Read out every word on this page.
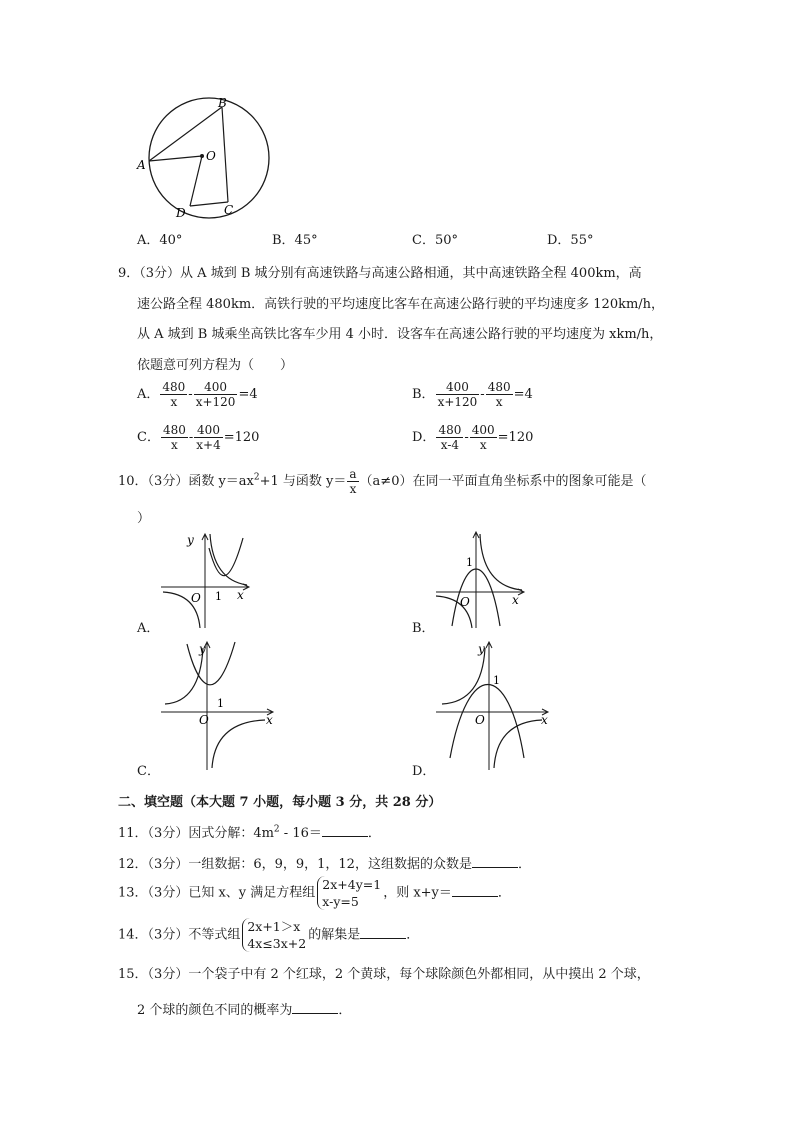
B
A
O
D	C
A．40°	B．45°	C．50°	D．55°
9．（3分）从 A 城到 B 城分别有高速铁路与高速公路相通，其中高速铁路全程 400km，高
速公路全程 480km．高铁行驶的平均速度比客车在高速公路行驶的平均速度多 120km/h，
从 A 城到 B 城乘坐高铁比客车少用 4 小时．设客车在高速公路行驶的平均速度为 xkm/h，
依题意可列方程为（　　）
A． $\frac{480}{x} - \frac{400}{x+120} =4$	B． $\frac{400}{x+120} - \frac{480}{x} =4$
C． $\frac{480}{x} - \frac{400}{x+4} =120$	D． $\frac{480}{x-4} - \frac{400}{x} =120$
10．（3分）函数 $y=ax^2+1$ 与函数 $y= \frac{a}{x} (a\ne 0)$在同一平面直角坐标系中的图象可能是（
）
y
O 1 x
A．
1
O	x
B．
y
1
O	x
C．
y
1
O	x
D．
二、填空题（本大题 7 小题，每小题 3 分，共 28 分）
11．（3分）因式分解：$4m^2 - 16=$	．
12．（3分）一组数据：6，9，9，1，12，这组数据的众数是	．
13．（3分）已知 x、y 满足方程组
2x+4y=1
x-y=5
，则 x+y＝	．
14．（3分）不等式组
2x+1＞x
4x≤3x+2
的解集是	．
15．（3分）一个袋子中有 2 个红球，2 个黄球，每个球除颜色外都相同，从中摸出 2 个球，
2 个球的颜色不同的概率为	．
